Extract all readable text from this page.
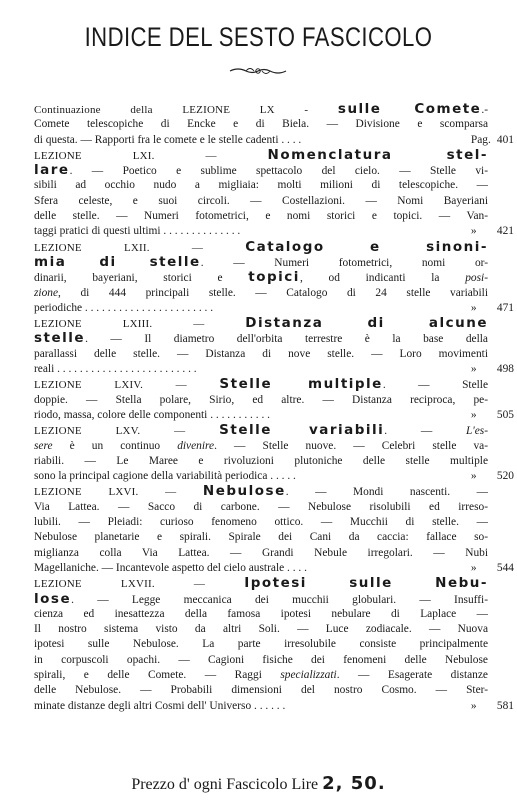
INDICE DEL SESTO FASCICOLO
Continuazione della LEZIONE LX - sulle Comete.-
Comete telescopiche di Encke e di Biela. — Divisione e scomparsa
di questa. — Rapporti fra le comete e le stelle cadenti . . . .	Pag. 401
LEZIONE LXI. — Nomenclatura stel-
lare. — Poetico e sublime spettacolo del cielo. — Stelle vi-
sibili ad occhio nudo a migliaia: molti milioni di telescopiche. —
Sfera celeste, e suoi circoli. — Costellazioni. — Nomi Bayeriani
delle stelle. — Numeri fotometrici, e nomi storici e topici. — Van-
taggi pratici di questi ultimi . . . . . . . . . . . . . .	» 421
LEZIONE LXII. — Catalogo e sinoni-
mia di stelle. — Numeri fotometrici, nomi or-
dinarii, bayeriani, storici e topici, od indicanti la posi-
zione, di 444 principali stelle. — Catalogo di 24 stelle variabili
periodiche . . . . . . . . . . . . . . . . . . . . . . .	» 471
LEZIONE LXIII. — Distanza di alcune
stelle. — Il diametro dell'orbita terrestre è la base della
parallassi delle stelle. — Distanza di nove stelle. — Loro movimenti
reali . . . . . . . . . . . . . . . . . . . . . . . . .	» 498
LEZIONE LXIV. — Stelle multiple. — Stelle
doppie. — Stella polare, Sirio, ed altre. — Distanza reciproca, pe-
riodo, massa, colore delle componenti . . . . . . . . . . .	» 505
LEZIONE LXV. — Stelle variabili. — L'es-
sere è un continuo divenire. — Stelle nuove. — Celebri stelle va-
riabili. — Le Maree e rivoluzioni plutoniche delle stelle multiple
sono la principal cagione della variabilità periodica . . . . .	» 520
LEZIONE LXVI. — Nebulose. — Mondi nascenti. —
Via Lattea. — Sacco di carbone. — Nebulose risolubili ed irreso-
lubili. — Pleiadi: curioso fenomeno ottico. — Mucchii di stelle. —
Nebulose planetarie e spirali. Spirale dei Cani da caccia: fallace so-
miglianza colla Via Lattea. — Grandi Nebule irregolari. — Nubi
Magellaniche. — Incantevole aspetto del cielo australe . . . .	» 544
LEZIONE LXVII. — Ipotesi sulle Nebu-
lose. — Legge meccanica dei mucchii globulari. — Insuffi-
cienza ed inesattezza della famosa ipotesi nebulare di Laplace —
Il nostro sistema visto da altri Soli. — Luce zodiacale. — Nuova
ipotesi sulle Nebulose. La parte irresolubile consiste principalmente
in corpuscoli opachi. — Cagioni fisiche dei fenomeni delle Nebulose
spirali, e delle Comete. — Raggi specializzati. — Esagerate distanze
delle Nebulose. — Probabili dimensioni del nostro Cosmo. — Ster-
minate distanze degli altri Cosmi dell' Universo . . . . . .	» 581
Prezzo d' ogni Fascicolo Lire 2, 50.
